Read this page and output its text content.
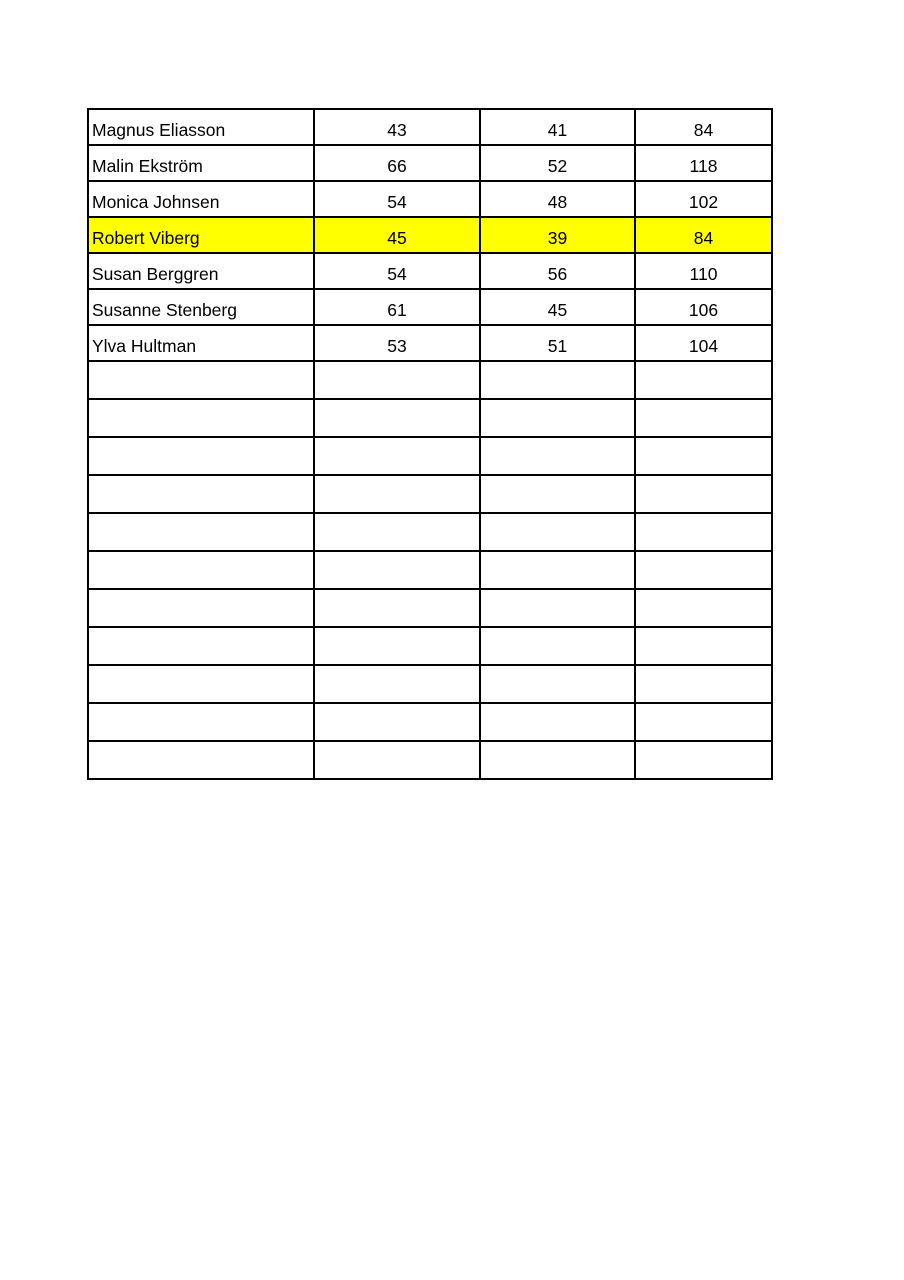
Magnus Eliasson	43	41	84
Malin Ekström	66	52	118
Monica Johnsen	54	48	102
Robert Viberg	45	39	84
Susan Berggren	54	56	110
Susanne Stenberg	61	45	106
Ylva Hultman	53	51	104
